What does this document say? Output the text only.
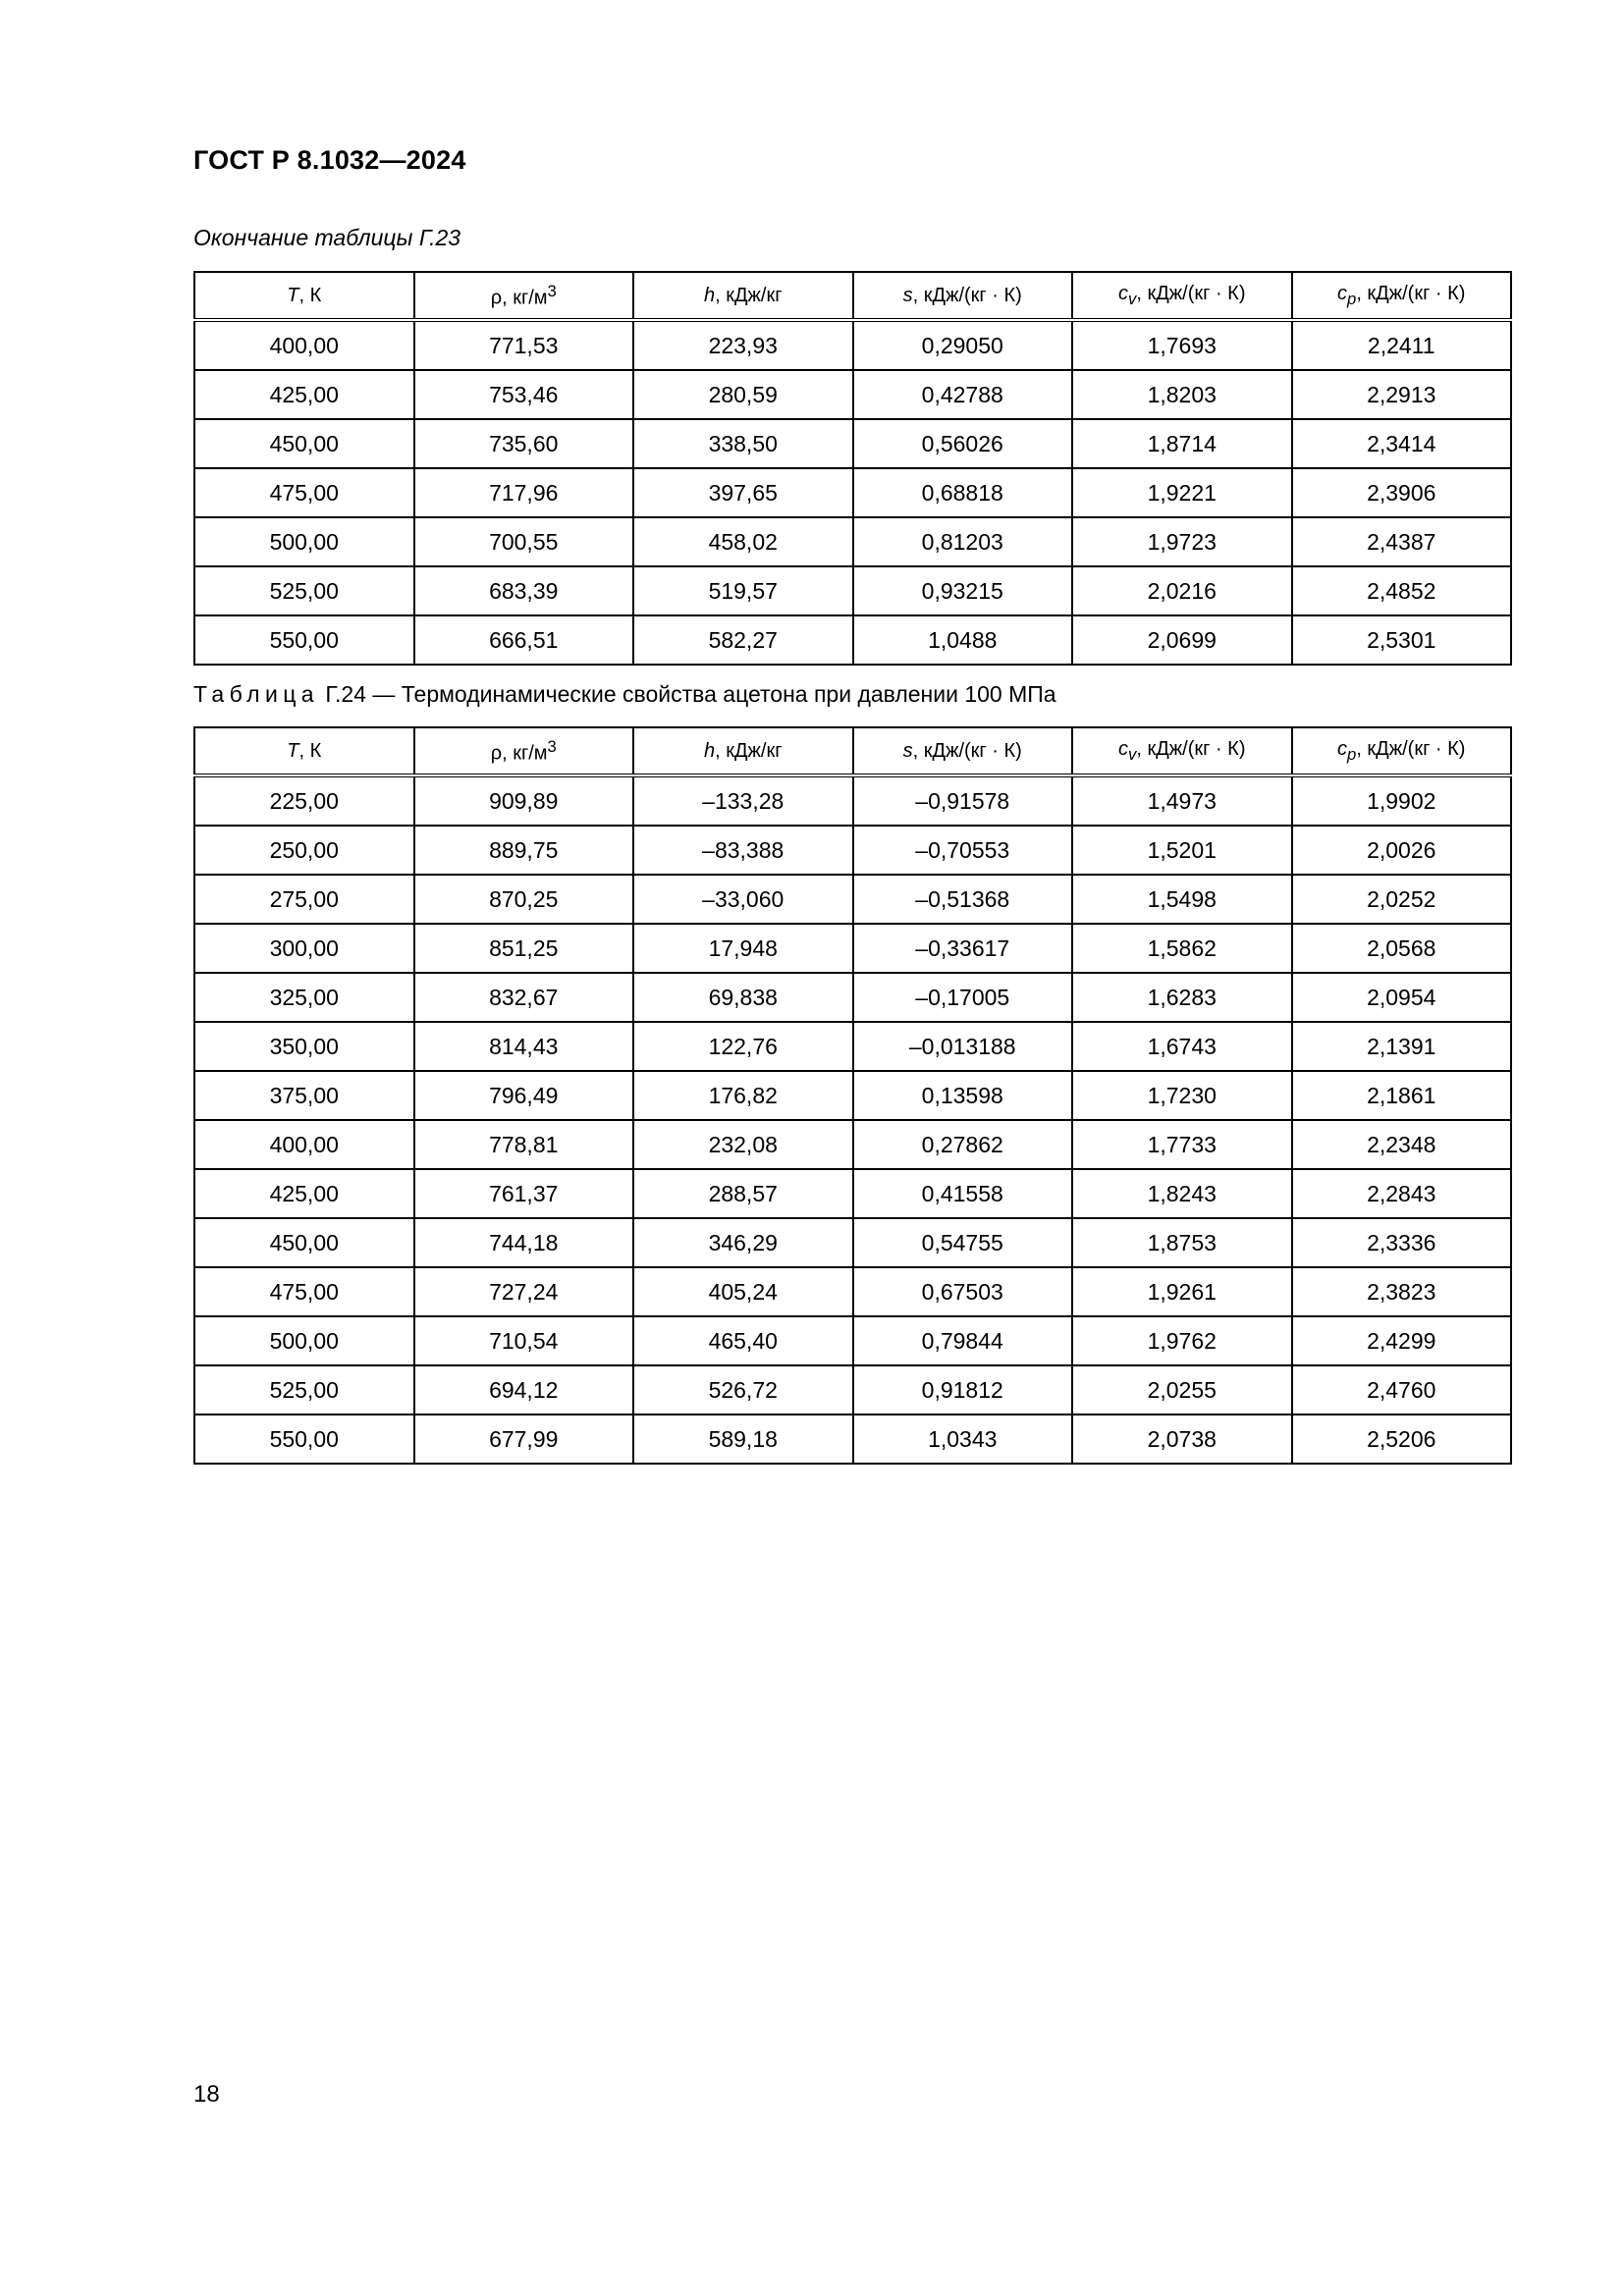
ГОСТ Р 8.1032—2024
Окончание таблицы Г.23
T, К	ρ, $кг/м^3$	h, кДж/кг	s, кДж/(кг · К)	$c_v$, кДж/(кг · К)	$c_p$, кДж/(кг · К)
400,00	771,53	223,93	0,29050	1,7693	2,2411
425,00	753,46	280,59	0,42788	1,8203	2,2913
450,00	735,60	338,50	0,56026	1,8714	2,3414
475,00	717,96	397,65	0,68818	1,9221	2,3906
500,00	700,55	458,02	0,81203	1,9723	2,4387
525,00	683,39	519,57	0,93215	2,0216	2,4852
550,00	666,51	582,27	1,0488	2,0699	2,5301
Таблица Г.24 — Термодинамические свойства ацетона при давлении 100 МПа
T, К	ρ, $кг/м^3$	h, кДж/кг	s, кДж/(кг · К)	$c_v$, кДж/(кг · К)	$c_p$, кДж/(кг · К)
225,00	909,89	–133,28	–0,91578	1,4973	1,9902
250,00	889,75	–83,388	–0,70553	1,5201	2,0026
275,00	870,25	–33,060	–0,51368	1,5498	2,0252
300,00	851,25	17,948	–0,33617	1,5862	2,0568
325,00	832,67	69,838	–0,17005	1,6283	2,0954
350,00	814,43	122,76	–0,013188	1,6743	2,1391
375,00	796,49	176,82	0,13598	1,7230	2,1861
400,00	778,81	232,08	0,27862	1,7733	2,2348
425,00	761,37	288,57	0,41558	1,8243	2,2843
450,00	744,18	346,29	0,54755	1,8753	2,3336
475,00	727,24	405,24	0,67503	1,9261	2,3823
500,00	710,54	465,40	0,79844	1,9762	2,4299
525,00	694,12	526,72	0,91812	2,0255	2,4760
550,00	677,99	589,18	1,0343	2,0738	2,5206
18
